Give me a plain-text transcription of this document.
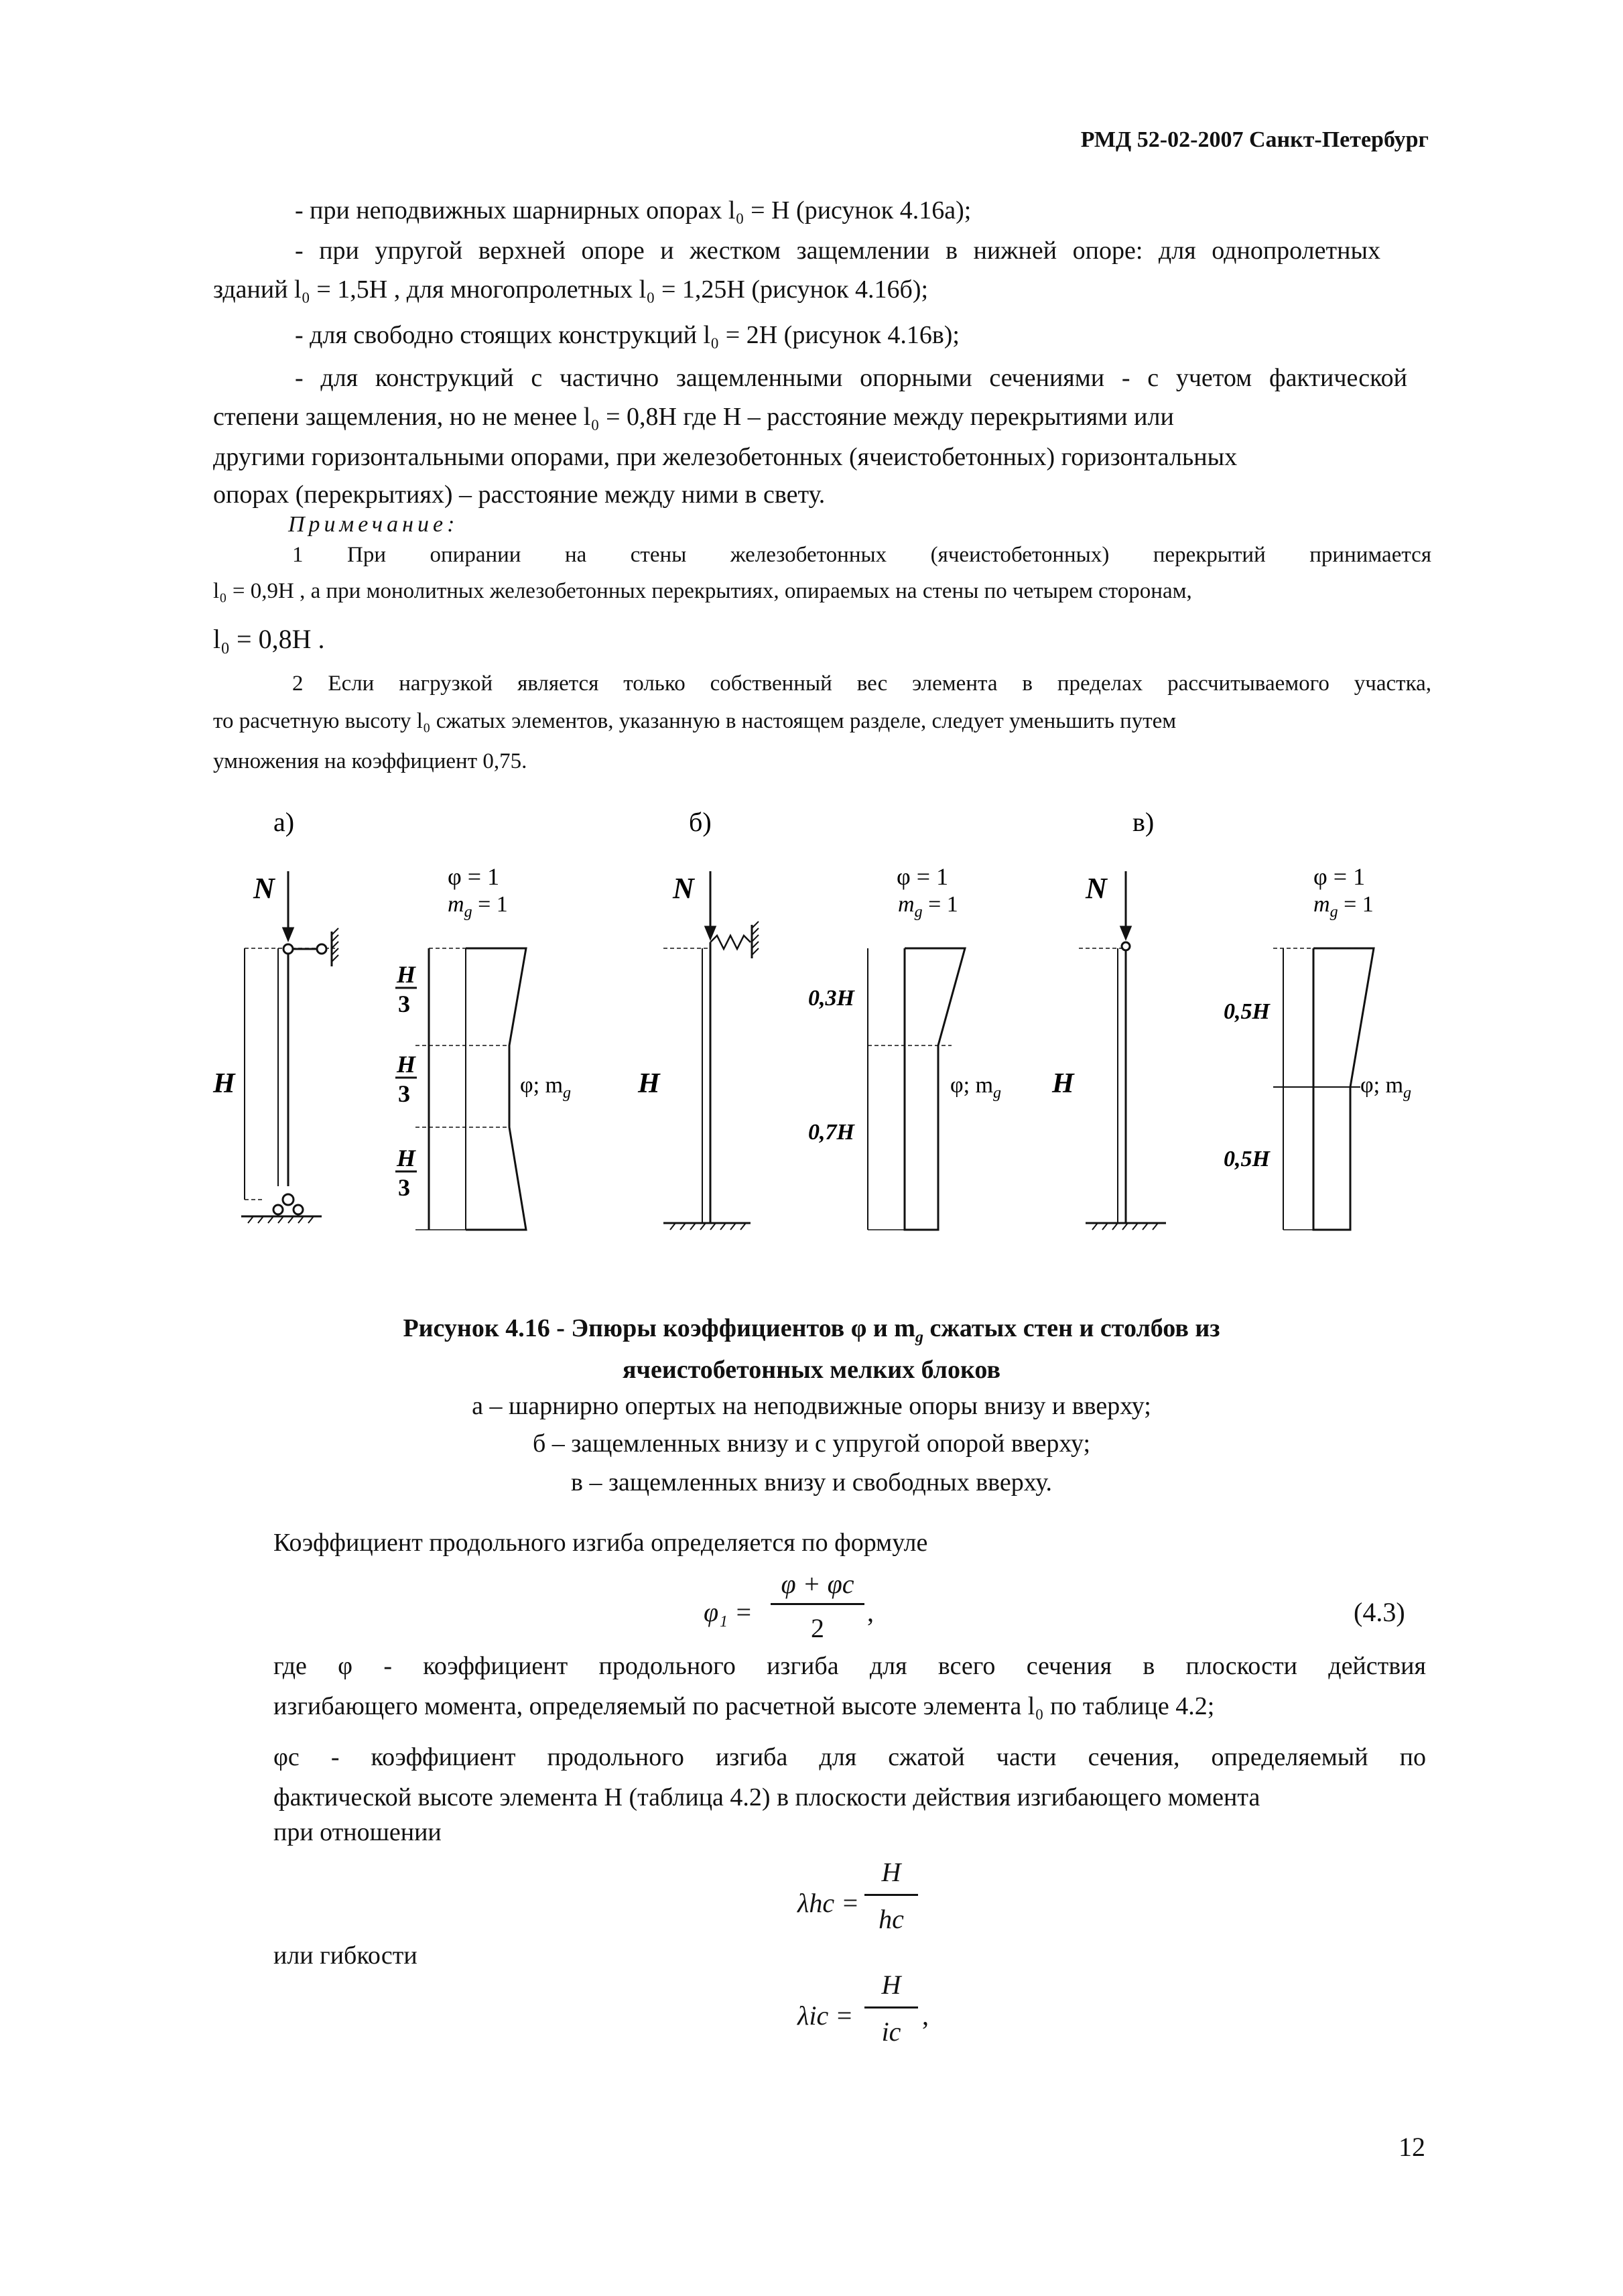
РМД 52-02-2007 Санкт-Петербург
- при неподвижных шарнирных опорах l₀ = H (рисунок 4.16а);
- при упругой верхней опоре и жестком защемлении в нижней опоре: для однопролетных
зданий l₀ = 1,5H , для многопролетных l₀ = 1,25H (рисунок 4.16б);
- для свободно стоящих конструкций l₀ = 2H (рисунок 4.16в);
- для конструкций с частично защемленными опорными сечениями - с учетом фактической
степени защемления, но не менее l₀ = 0,8H где H – расстояние между перекрытиями или
другими горизонтальными опорами, при железобетонных (ячеистобетонных) горизонтальных
опорах (перекрытиях) – расстояние между ними в свету.
Примечание:
1 При опирании на стены железобетонных (ячеистобетонных) перекрытий принимается
l₀ = 0,9H , а при монолитных железобетонных перекрытиях, опираемых на стены по четырем сторонам,
l₀ = 0,8H .
2 Если нагрузкой является только собственный вес элемента в пределах рассчитываемого участка,
то расчетную высоту l₀ сжатых элементов, указанную в настоящем разделе, следует уменьшить путем
умножения на коэффициент 0,75.
а)	б)	в)
N	N	N
H	H	H
φ = 1
$m_g = 1$
φ = 1
$m_g = 1$
φ = 1
$m_g = 1$
φ; $m_g$	φ; $m_g$	φ; $m_g$
H
3
H
3
H
3
0,3H
0,7H
0,5H
0,5H
Рисунок 4.16 - Эпюры коэффициентов φ и $m_g$ сжатых стен и столбов из
ячеистобетонных мелких блоков
а – шарнирно опертых на неподвижные опоры внизу и вверху;
б – защемленных внизу и с упругой опорой вверху;
в – защемленных внизу и свободных вверху.
Коэффициент продольного изгиба определяется по формуле
φ₁ =
φ + φc
2
,	(4.3)
где φ - коэффициент продольного изгиба для всего сечения в плоскости действия
изгибающего момента, определяемый по расчетной высоте элемента l₀ по таблице 4.2;
φc - коэффициент продольного изгиба для сжатой части сечения, определяемый по
фактической высоте элемента H (таблица 4.2) в плоскости действия изгибающего момента
при отношении
λhc =
H
hc
или гибкости
λic =
H
ic
,
12
